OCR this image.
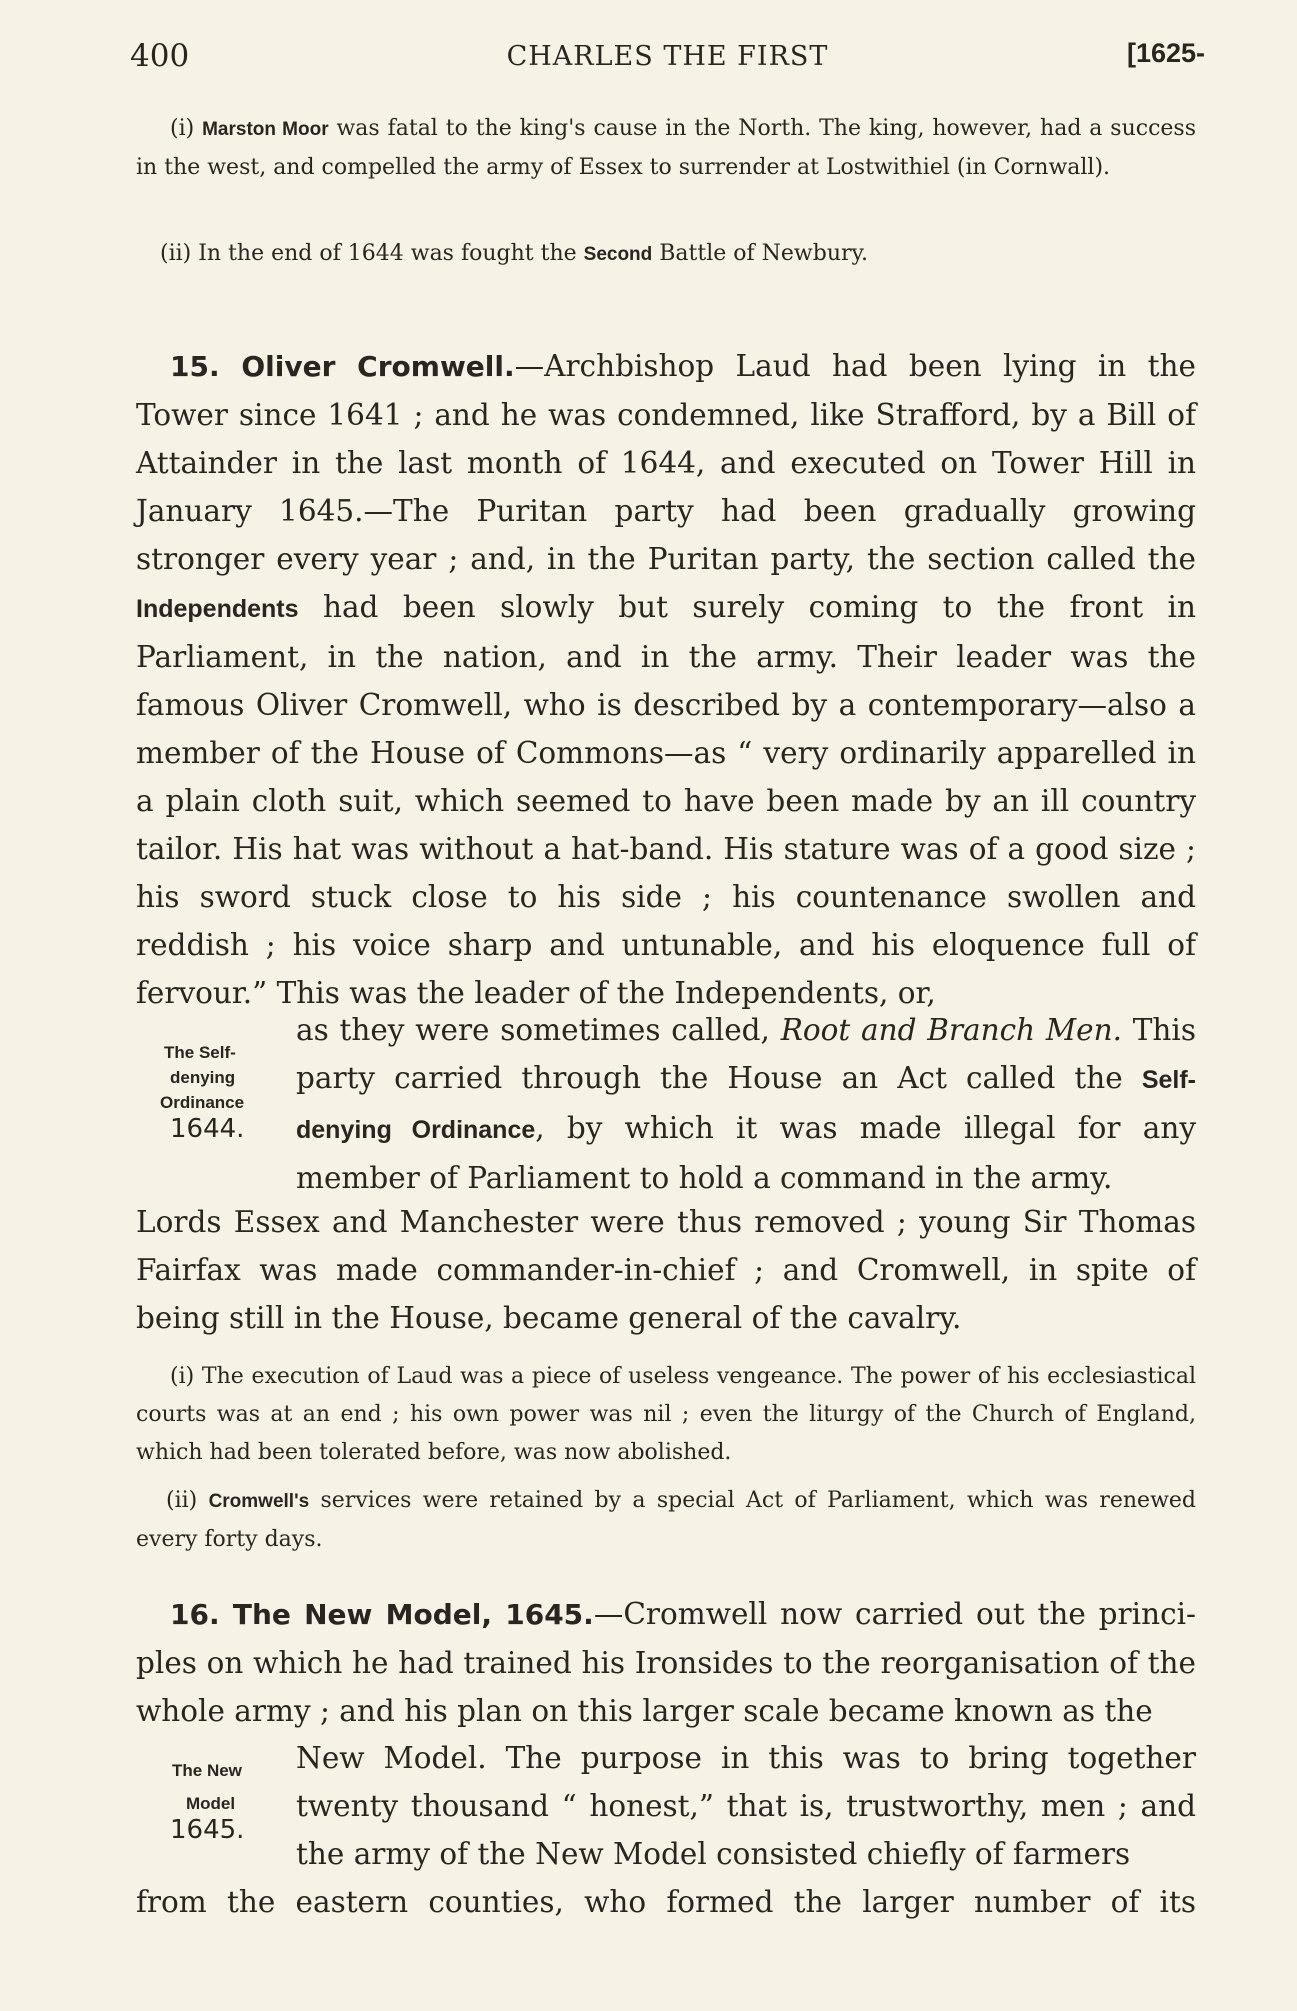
400	CHARLES THE FIRST	[1625-

(i) Marston Moor was fatal to the king's cause in the North. The king, however, had a success in the west, and compelled the army of Essex to surrender at Lostwithiel (in Cornwall).

(ii) In the end of 1644 was fought the Second Battle of Newbury.

15. Oliver Cromwell.—Archbishop Laud had been lying in the Tower since 1641 ; and he was condemned, like Strafford, by a Bill of Attainder in the last month of 1644, and executed on Tower Hill in January 1645.—The Puritan party had been gradually growing stronger every year ; and, in the Puritan party, the section called the Independents had been slowly but surely coming to the front in Parliament, in the nation, and in the army. Their leader was the famous Oliver Cromwell, who is described by a contemporary—also a member of the House of Commons—as “ very ordinarily apparelled in a plain cloth suit, which seemed to have been made by an ill country tailor. His hat was without a hat-band. His stature was of a good size ; his sword stuck close to his side ; his countenance swollen and reddish ; his voice sharp and untunable, and his eloquence full of fervour.” This was the leader of the Independents, or,

The Self-
denying
Ordinance
1644.

as they were sometimes called, Root and Branch Men. This party carried through the House an Act called the Self-denying Ordinance, by which it was made illegal for any member of Parliament to hold a command in the army.

Lords Essex and Manchester were thus removed ; young Sir Thomas Fairfax was made commander-in-chief ; and Cromwell, in spite of being still in the House, became general of the cavalry.

(i) The execution of Laud was a piece of useless vengeance. The power of his ecclesiastical courts was at an end ; his own power was nil ; even the liturgy of the Church of England, which had been tolerated before, was now abolished.

(ii) Cromwell's services were retained by a special Act of Parliament, which was renewed every forty days.

16. The New Model, 1645.—Cromwell now carried out the principles on which he had trained his Ironsides to the reorganisation of the whole army ; and his plan on this larger scale became known as the

The New
Model
1645.

New Model. The purpose in this was to bring together twenty thousand “ honest,” that is, trustworthy, men ; and the army of the New Model consisted chiefly of farmers

from the eastern counties, who formed the larger number of its
